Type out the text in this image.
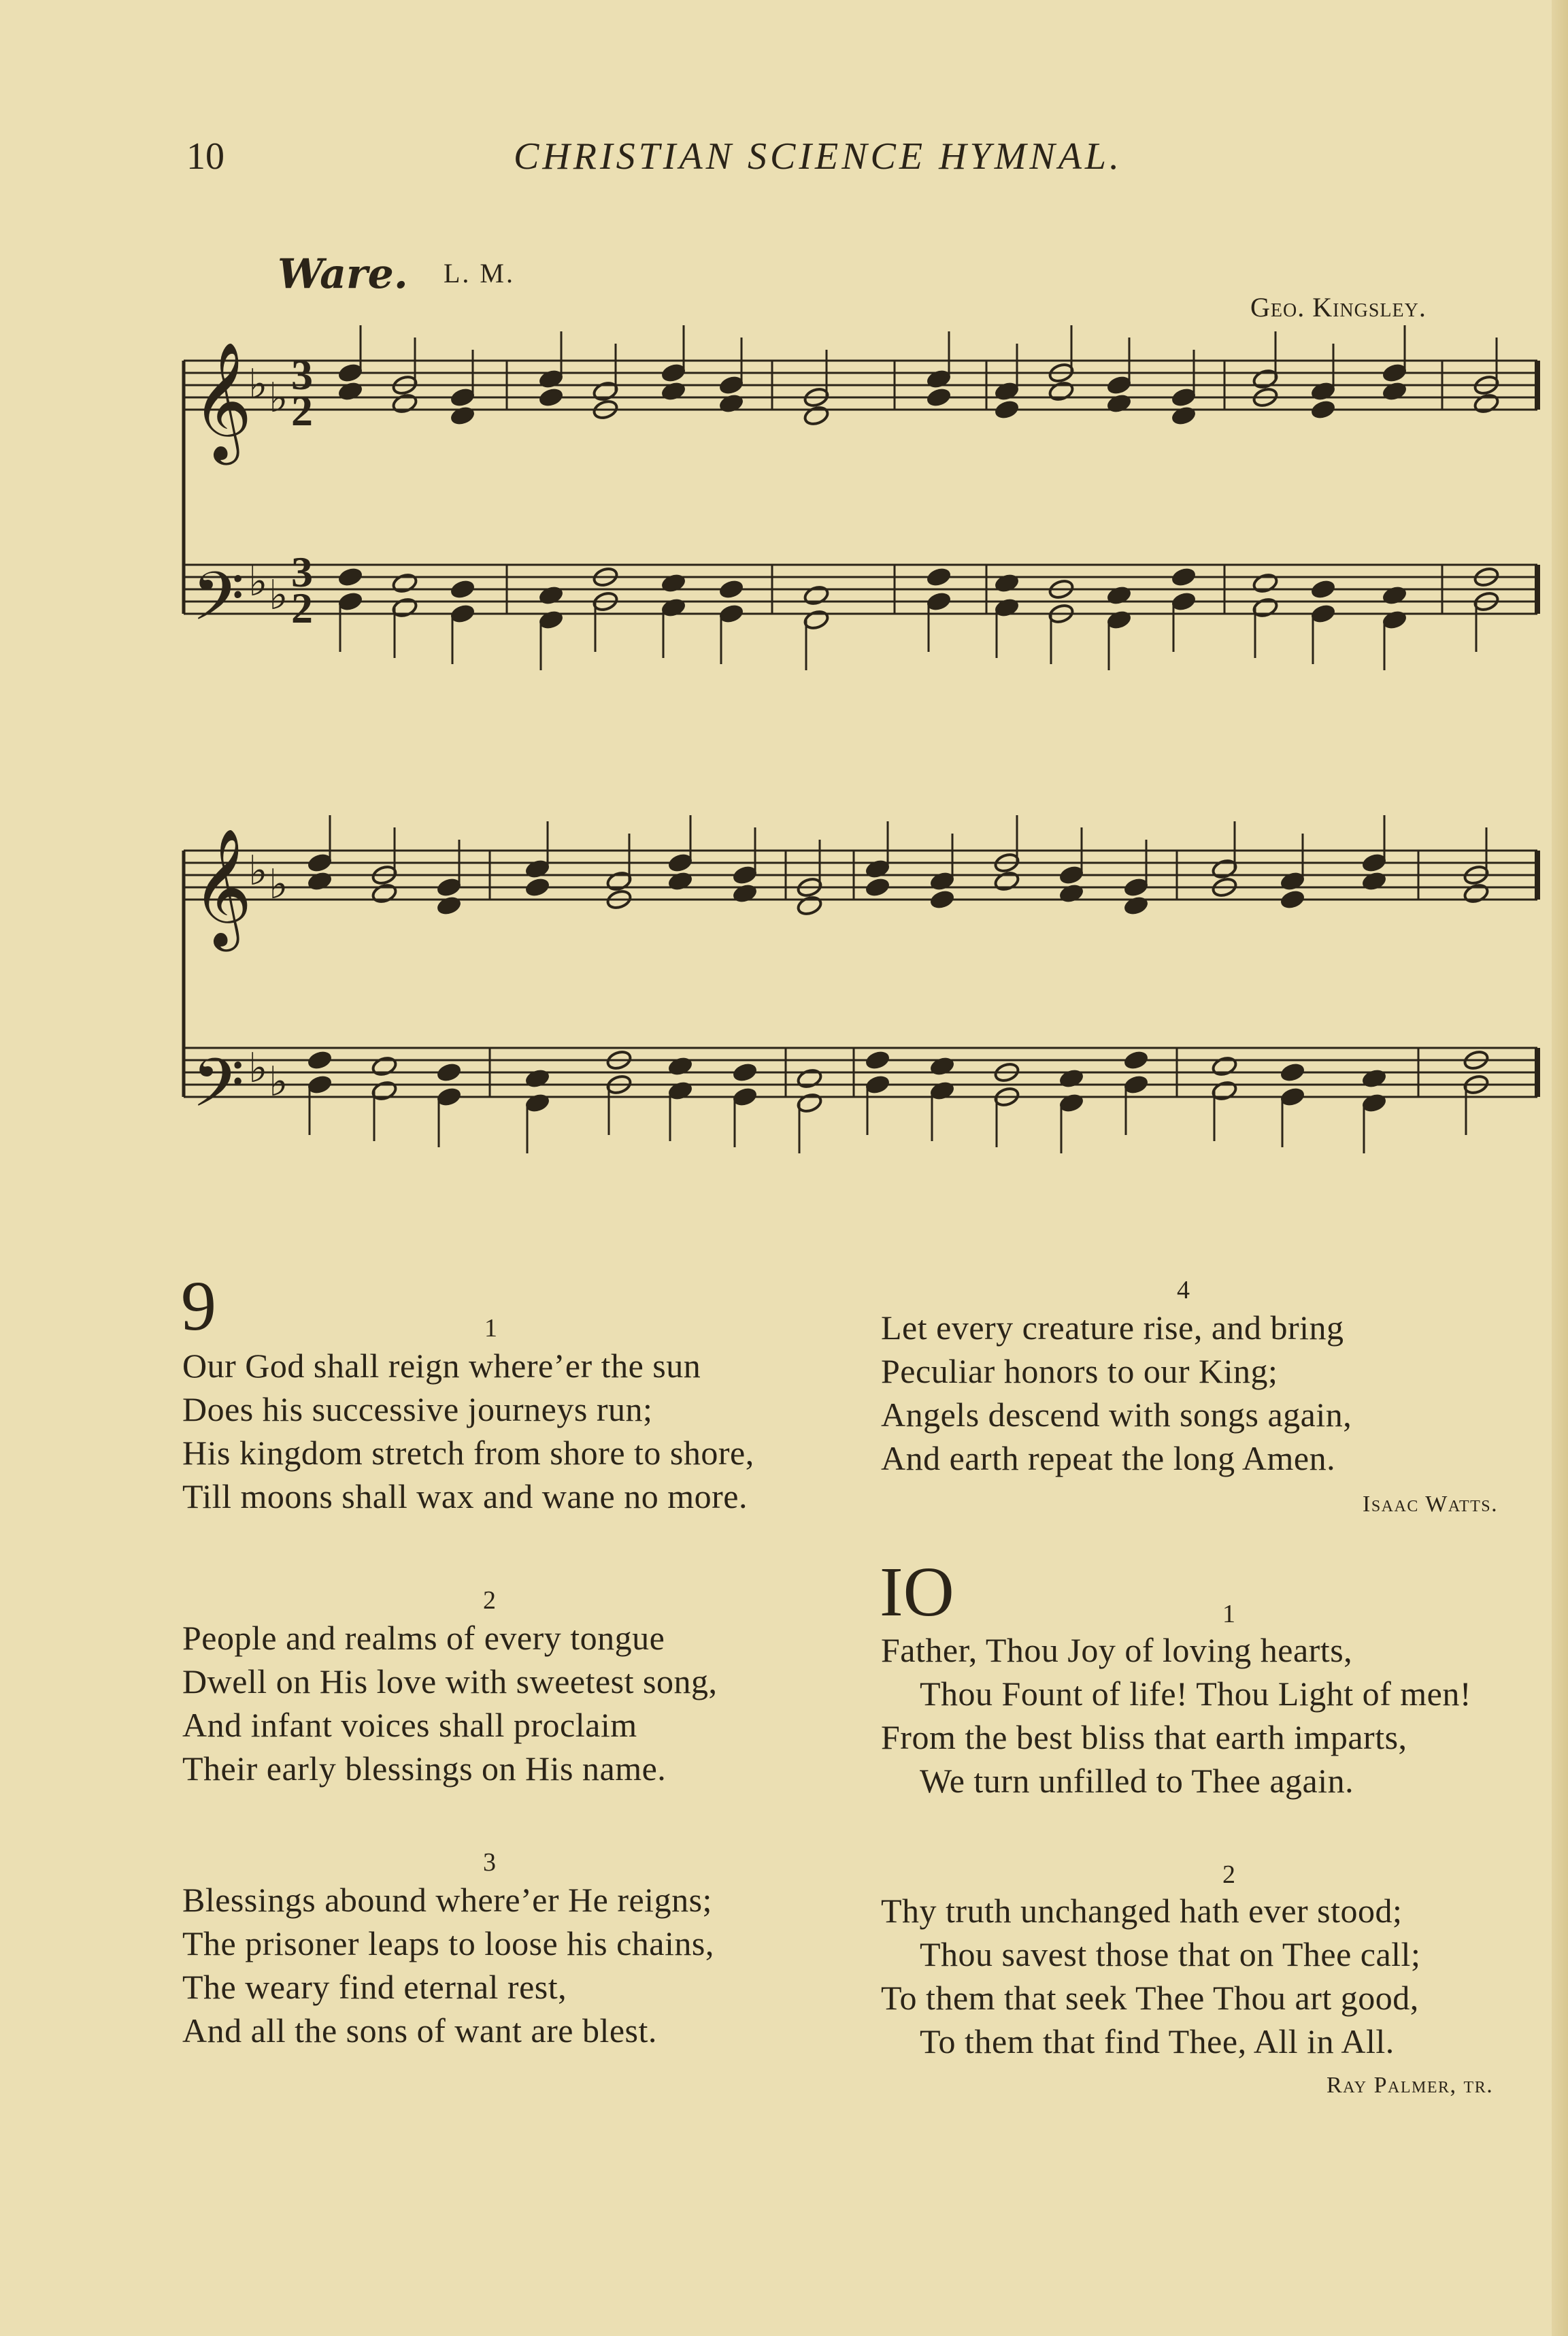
10	CHRISTIAN SCIENCE HYMNAL.
Ware. L. M.
Geo. Kingsley.
𝄞
𝄢
𝄞
𝄢
♭ ♭
♭ ♭
♭ ♭
♭ ♭
3
2
3
2
9	1
Our God shall reign where’er the sun
Does his successive journeys run;
His kingdom stretch from shore to shore,
Till moons shall wax and wane no more.
2
People and realms of every tongue
Dwell on His love with sweetest song,
And infant voices shall proclaim
Their early blessings on His name.
3
Blessings abound where’er He reigns;
The prisoner leaps to loose his chains,
The weary find eternal rest,
And all the sons of want are blest.
4
Let every creature rise, and bring
Peculiar honors to our King;
Angels descend with songs again,
And earth repeat the long Amen.
Isaac Watts.
IO	1
Father, Thou Joy of loving hearts,
Thou Fount of life! Thou Light of men!
From the best bliss that earth imparts,
We turn unfilled to Thee again.
2
Thy truth unchanged hath ever stood;
Thou savest those that on Thee call;
To them that seek Thee Thou art good,
To them that find Thee, All in All.
Ray Palmer, tr.
